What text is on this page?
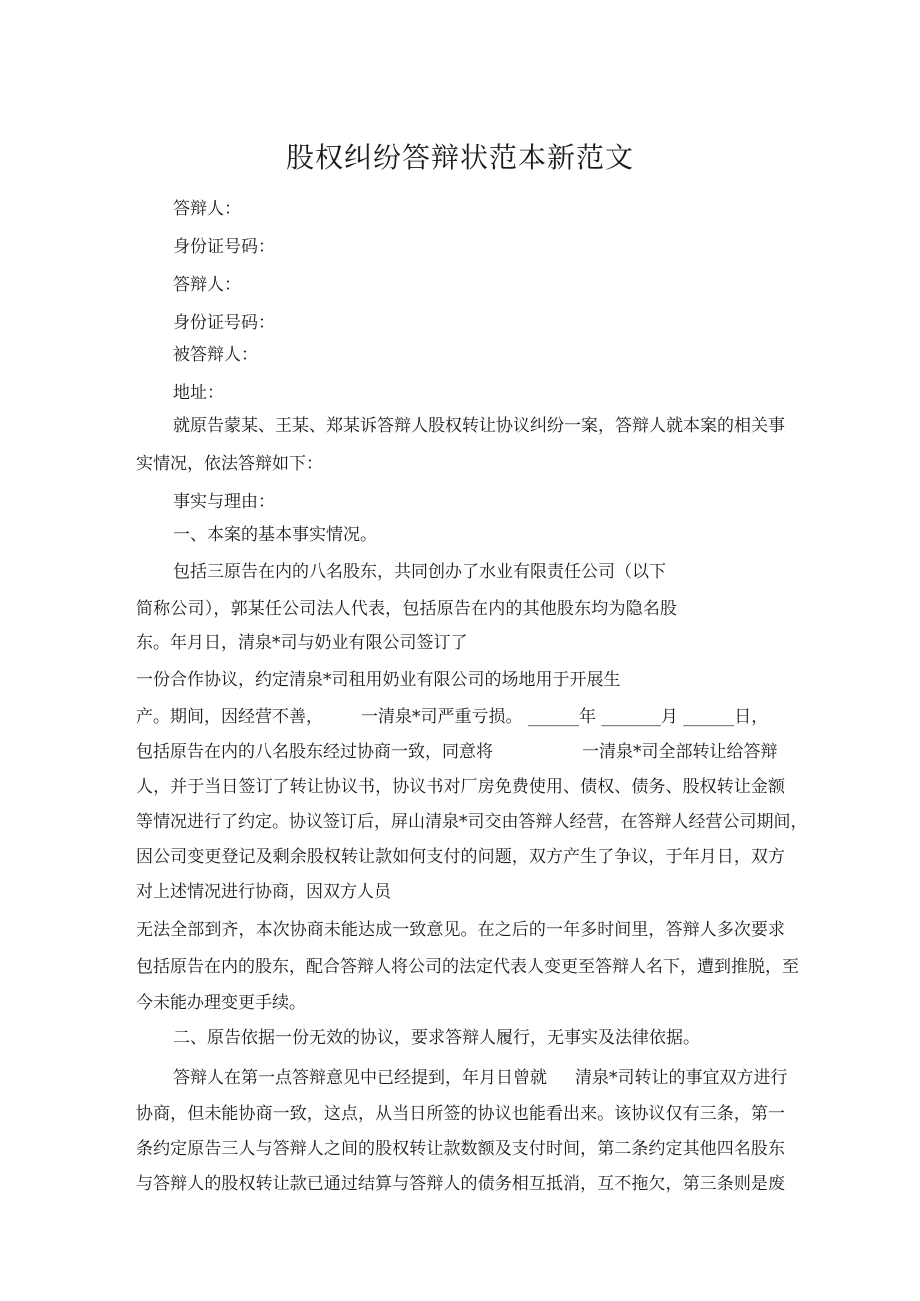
股权纠纷答辩状范本新范文
答辩人：
身份证号码：
答辩人：
身份证号码：
被答辩人：
地址：
就原告蒙某、王某、郑某诉答辩人股权转让协议纠纷一案，答辩人就本案的相关事
实情况，依法答辩如下：
事实与理由：
一、本案的基本事实情况。
包括三原告在内的八名股东，共同创办了水业有限责任公司（以下
简称公司），郭某任公司法人代表，包括原告在内的其他股东均为隐名股
东。年月日，清泉*司与奶业有限公司签订了
一份合作协议，约定清泉*司租用奶业有限公司的场地用于开展生
产。期间，因经营不善， 一清泉*司严重亏损。 ______年 _______月 ______日，
包括原告在内的八名股东经过协商一致，同意将	一清泉*司全部转让给答辩
人，并于当日签订了转让协议书，协议书对厂房免费使用、债权、债务、股权转让金额
等情况进行了约定。协议签订后，屏山清泉*司交由答辩人经营，在答辩人经营公司期间，
因公司变更登记及剩余股权转让款如何支付的问题，双方产生了争议，于年月日，双方
对上述情况进行协商，因双方人员
无法全部到齐，本次协商未能达成一致意见。在之后的一年多时间里，答辩人多次要求
包括原告在内的股东，配合答辩人将公司的法定代表人变更至答辩人名下，遭到推脱，至
今未能办理变更手续。
二、原告依据一份无效的协议，要求答辩人履行，无事实及法律依据。
答辩人在第一点答辩意见中已经提到，年月日曾就 清泉*司转让的事宜双方进行
协商，但未能协商一致，这点，从当日所签的协议也能看出来。该协议仅有三条，第一
条约定原告三人与答辩人之间的股权转让款数额及支付时间，第二条约定其他四名股东
与答辩人的股权转让款已通过结算与答辩人的债务相互抵消，互不拖欠，第三条则是废
